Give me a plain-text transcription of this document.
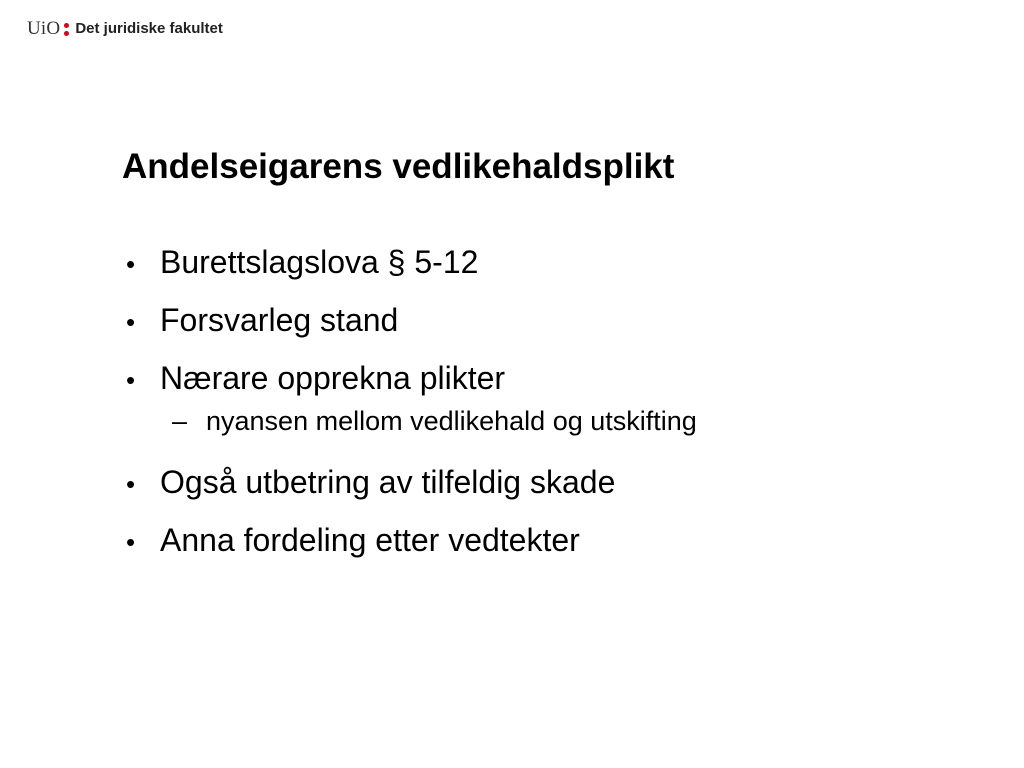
UiO Det juridiske fakultet
Andelseigarens vedlikehaldsplikt
• Burettslagslova § 5-12
• Forsvarleg stand
• Nærare opprekna plikter
– nyansen mellom vedlikehald og utskifting
• Også utbetring av tilfeldig skade
• Anna fordeling etter vedtekter
